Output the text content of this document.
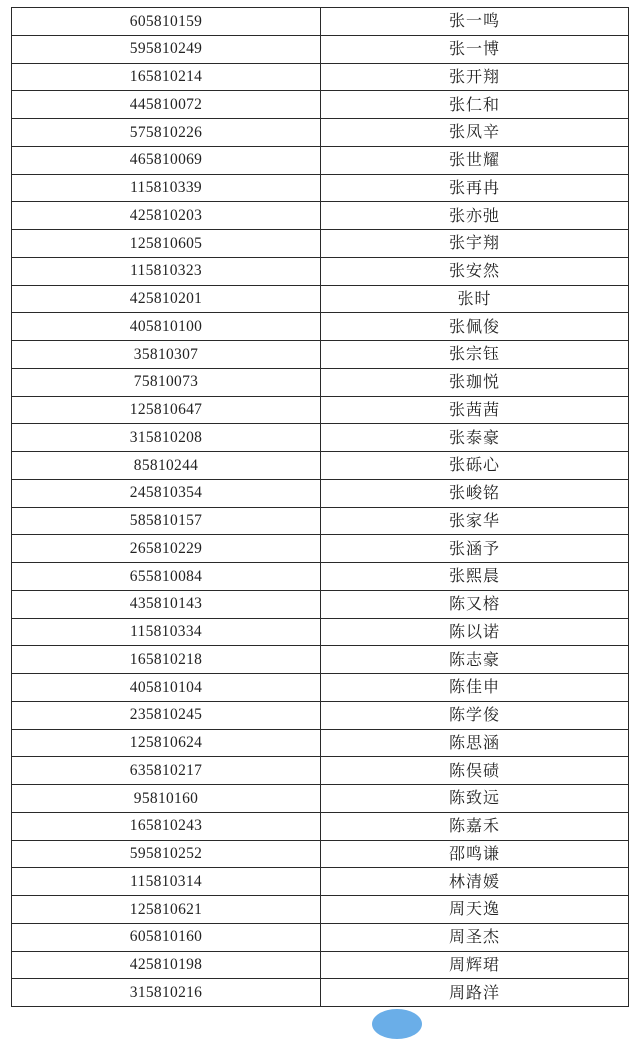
605810159	张一鸣
595810249	张一博
165810214	张开翔
445810072	张仁和
575810226	张凤辛
465810069	张世耀
115810339	张再冉
425810203	张亦弛
125810605	张宇翔
115810323	张安然
425810201	张时
405810100	张佩俊
35810307	张宗钰
75810073	张珈悦
125810647	张茜茜
315810208	张泰豪
85810244	张砾心
245810354	张峻铭
585810157	张家华
265810229	张涵予
655810084	张熙晨
435810143	陈又榕
115810334	陈以诺
165810218	陈志豪
405810104	陈佳申
235810245	陈学俊
125810624	陈思涵
635810217	陈俣碛
95810160	陈致远
165810243	陈嘉禾
595810252	邵鸣谦
115810314	林清媛
125810621	周天逸
605810160	周圣杰
425810198	周辉珺
315810216	周路洋
